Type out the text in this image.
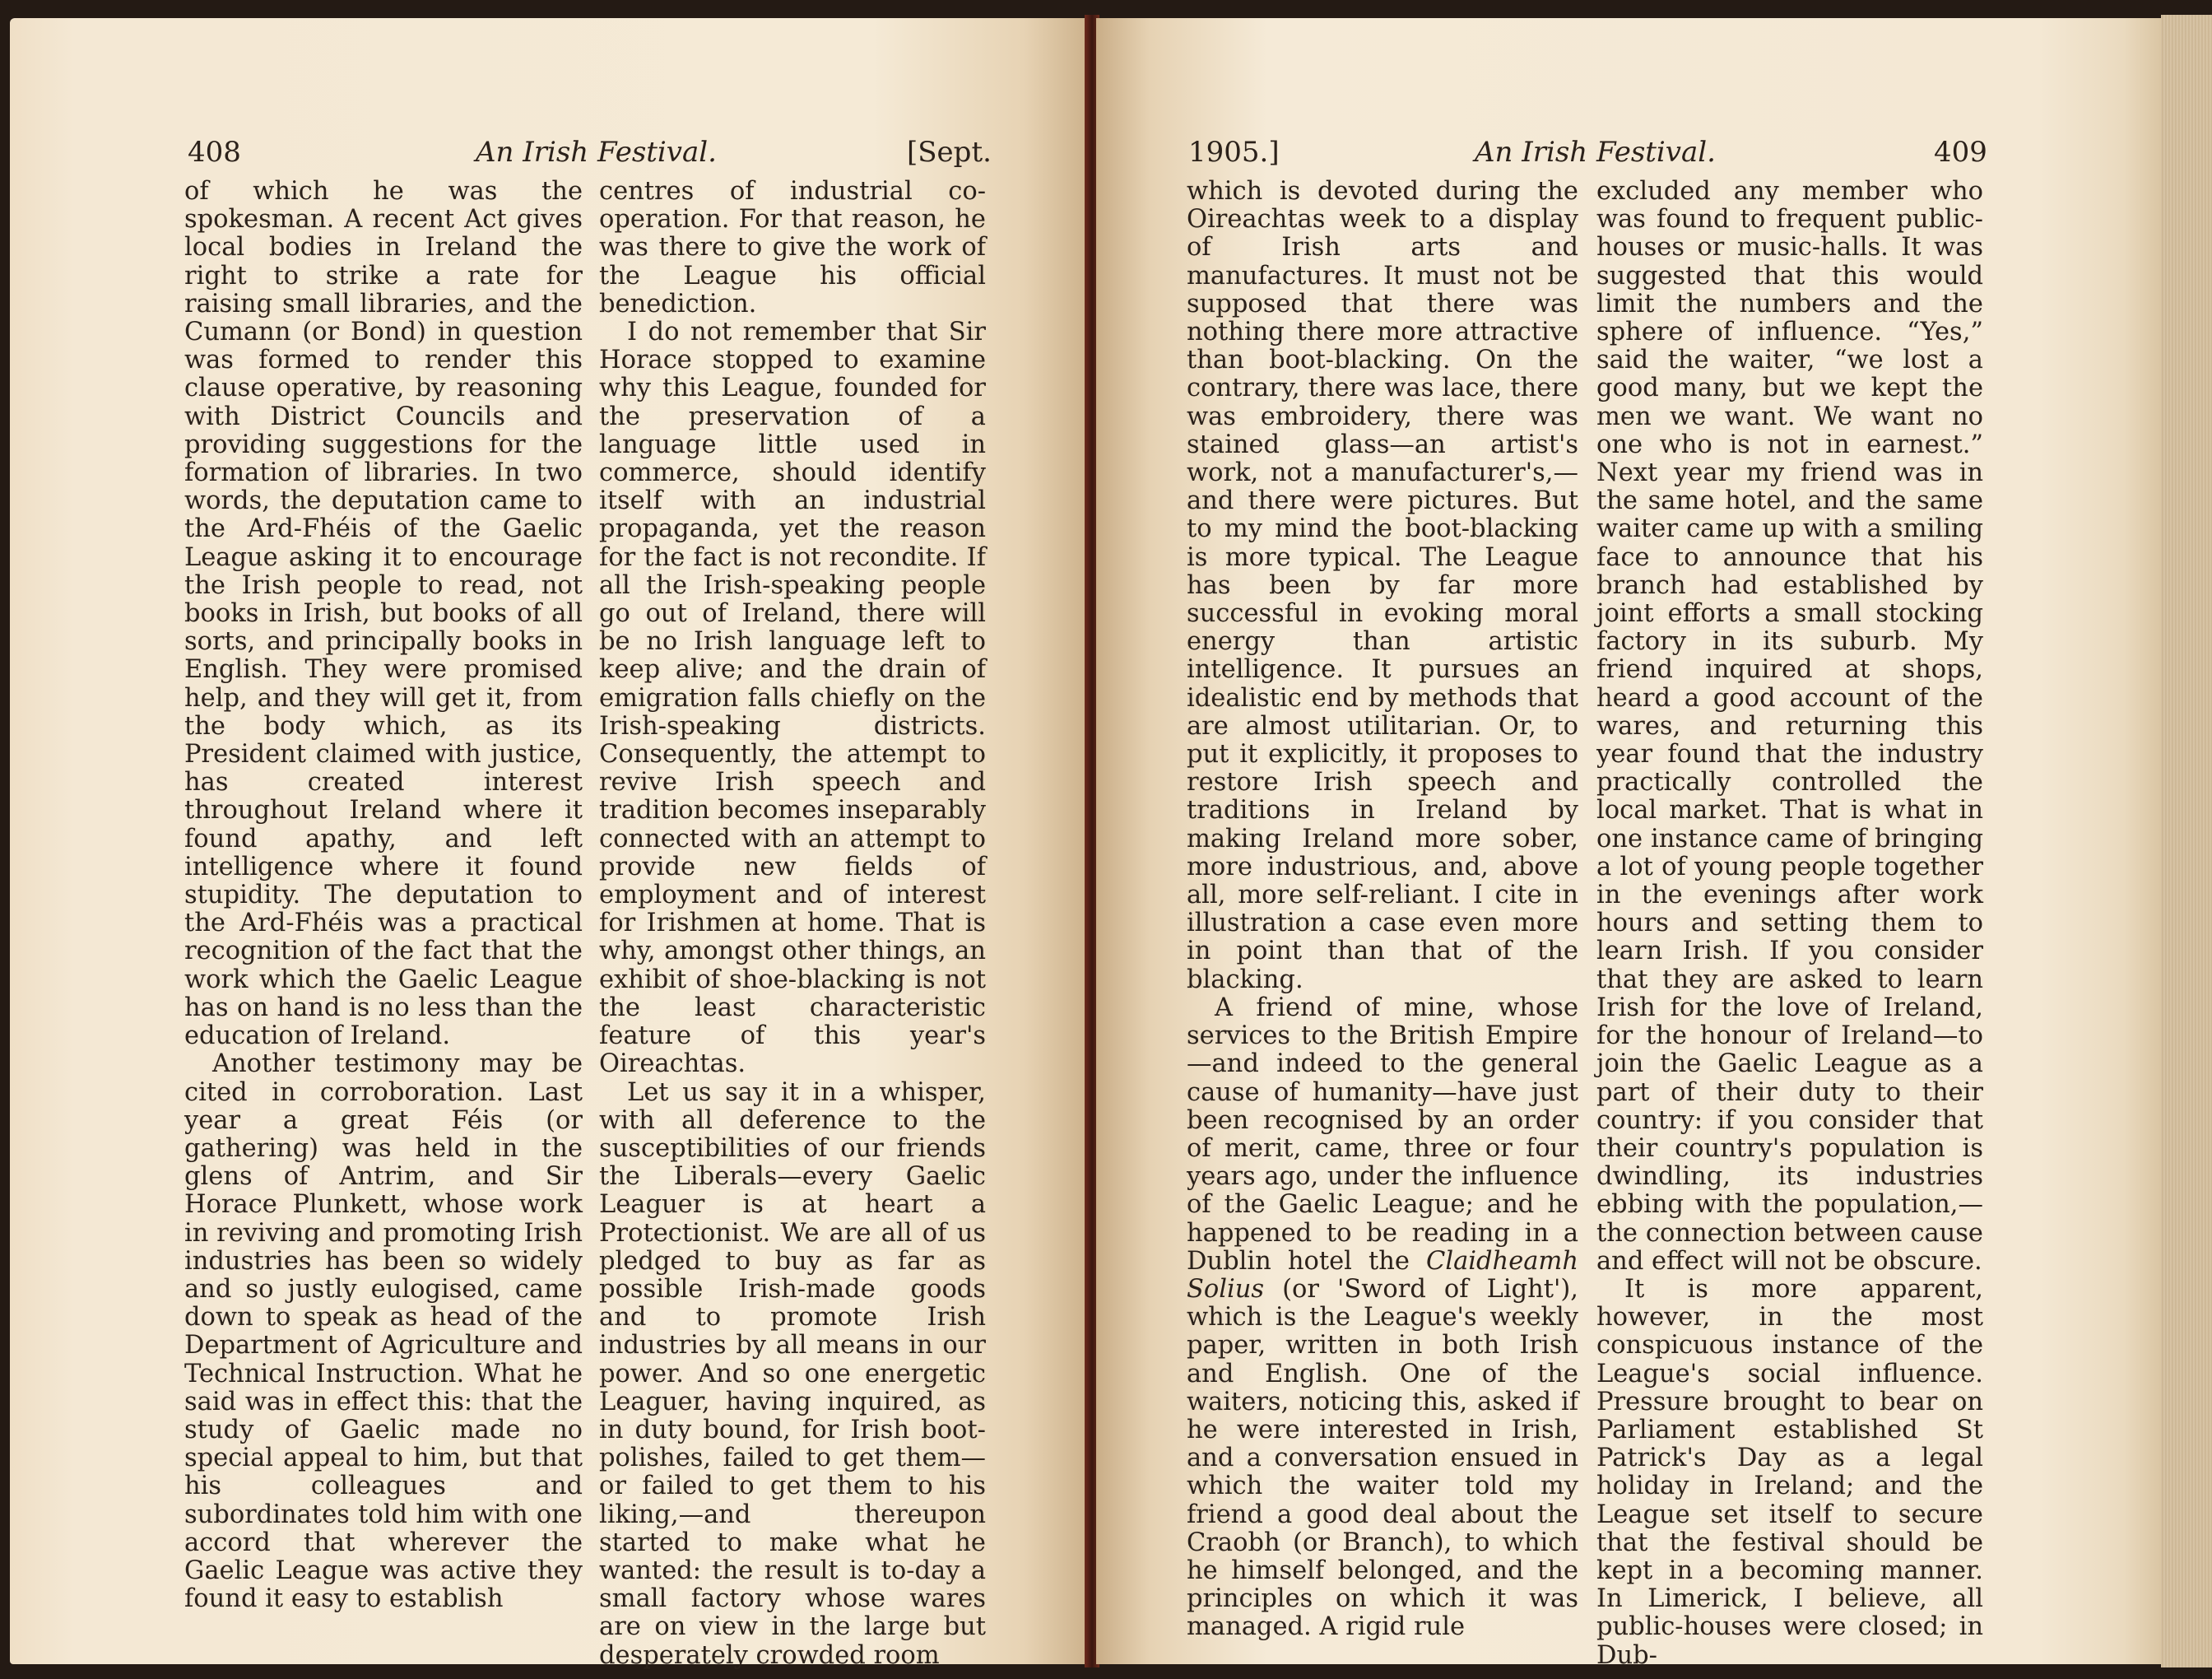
408	An Irish Festival.	[Sept.

of which he was the spokesman. A recent Act gives local bodies in Ireland the right to strike a rate for raising small libraries, and the Cumann (or Bond) in question was formed to render this clause operative, by reasoning with District Councils and providing suggestions for the formation of libraries. In two words, the deputation came to the Ard-Fhéis of the Gaelic League asking it to encourage the Irish people to read, not books in Irish, but books of all sorts, and principally books in English. They were promised help, and they will get it, from the body which, as its President claimed with justice, has created interest throughout Ireland where it found apathy, and left intelligence where it found stupidity. The deputation to the Ard-Fhéis was a practical recognition of the fact that the work which the Gaelic League has on hand is no less than the education of Ireland.

Another testimony may be cited in corroboration. Last year a great Féis (or gathering) was held in the glens of Antrim, and Sir Horace Plunkett, whose work in reviving and promoting Irish industries has been so widely and so justly eulogised, came down to speak as head of the Department of Agriculture and Technical Instruction. What he said was in effect this: that the study of Gaelic made no special appeal to him, but that his colleagues and subordinates told him with one accord that wherever the Gaelic League was active they found it easy to establish

centres of industrial co-operation. For that reason, he was there to give the work of the League his official benediction.

I do not remember that Sir Horace stopped to examine why this League, founded for the preservation of a language little used in commerce, should identify itself with an industrial propaganda, yet the reason for the fact is not recondite. If all the Irish-speaking people go out of Ireland, there will be no Irish language left to keep alive; and the drain of emigration falls chiefly on the Irish-speaking districts. Consequently, the attempt to revive Irish speech and tradition becomes inseparably connected with an attempt to provide new fields of employment and of interest for Irishmen at home. That is why, amongst other things, an exhibit of shoe-blacking is not the least characteristic feature of this year's Oireachtas.

Let us say it in a whisper, with all deference to the susceptibilities of our friends the Liberals—every Gaelic Leaguer is at heart a Protectionist. We are all of us pledged to buy as far as possible Irish-made goods and to promote Irish industries by all means in our power. And so one energetic Leaguer, having inquired, as in duty bound, for Irish boot-polishes, failed to get them—or failed to get them to his liking,—and thereupon started to make what he wanted: the result is to-day a small factory whose wares are on view in the large but desperately crowded room

1905.]	An Irish Festival.	409

which is devoted during the Oireachtas week to a display of Irish arts and manufactures. It must not be supposed that there was nothing there more attractive than boot-blacking. On the contrary, there was lace, there was embroidery, there was stained glass—an artist's work, not a manufacturer's,—and there were pictures. But to my mind the boot-blacking is more typical. The League has been by far more successful in evoking moral energy than artistic intelligence. It pursues an idealistic end by methods that are almost utilitarian. Or, to put it explicitly, it proposes to restore Irish speech and traditions in Ireland by making Ireland more sober, more industrious, and, above all, more self-reliant. I cite in illustration a case even more in point than that of the blacking.

A friend of mine, whose services to the British Empire—and indeed to the general cause of humanity—have just been recognised by an order of merit, came, three or four years ago, under the influence of the Gaelic League; and he happened to be reading in a Dublin hotel the Claidheamh Solius (or 'Sword of Light'), which is the League's weekly paper, written in both Irish and English. One of the waiters, noticing this, asked if he were interested in Irish, and a conversation ensued in which the waiter told my friend a good deal about the Craobh (or Branch), to which he himself belonged, and the principles on which it was managed. A rigid rule

excluded any member who was found to frequent public-houses or music-halls. It was suggested that this would limit the numbers and the sphere of influence. “Yes,” said the waiter, “we lost a good many, but we kept the men we want. We want no one who is not in earnest.” Next year my friend was in the same hotel, and the same waiter came up with a smiling face to announce that his branch had established by joint efforts a small stocking factory in its suburb. My friend inquired at shops, heard a good account of the wares, and returning this year found that the industry practically controlled the local market. That is what in one instance came of bringing a lot of young people together in the evenings after work hours and setting them to learn Irish. If you consider that they are asked to learn Irish for the love of Ireland, for the honour of Ireland—to join the Gaelic League as a part of their duty to their country: if you consider that their country's population is dwindling, its industries ebbing with the population,—the connection between cause and effect will not be obscure.

It is more apparent, however, in the most conspicuous instance of the League's social influence. Pressure brought to bear on Parliament established St Patrick's Day as a legal holiday in Ireland; and the League set itself to secure that the festival should be kept in a becoming manner. In Limerick, I believe, all public-houses were closed; in Dub-
